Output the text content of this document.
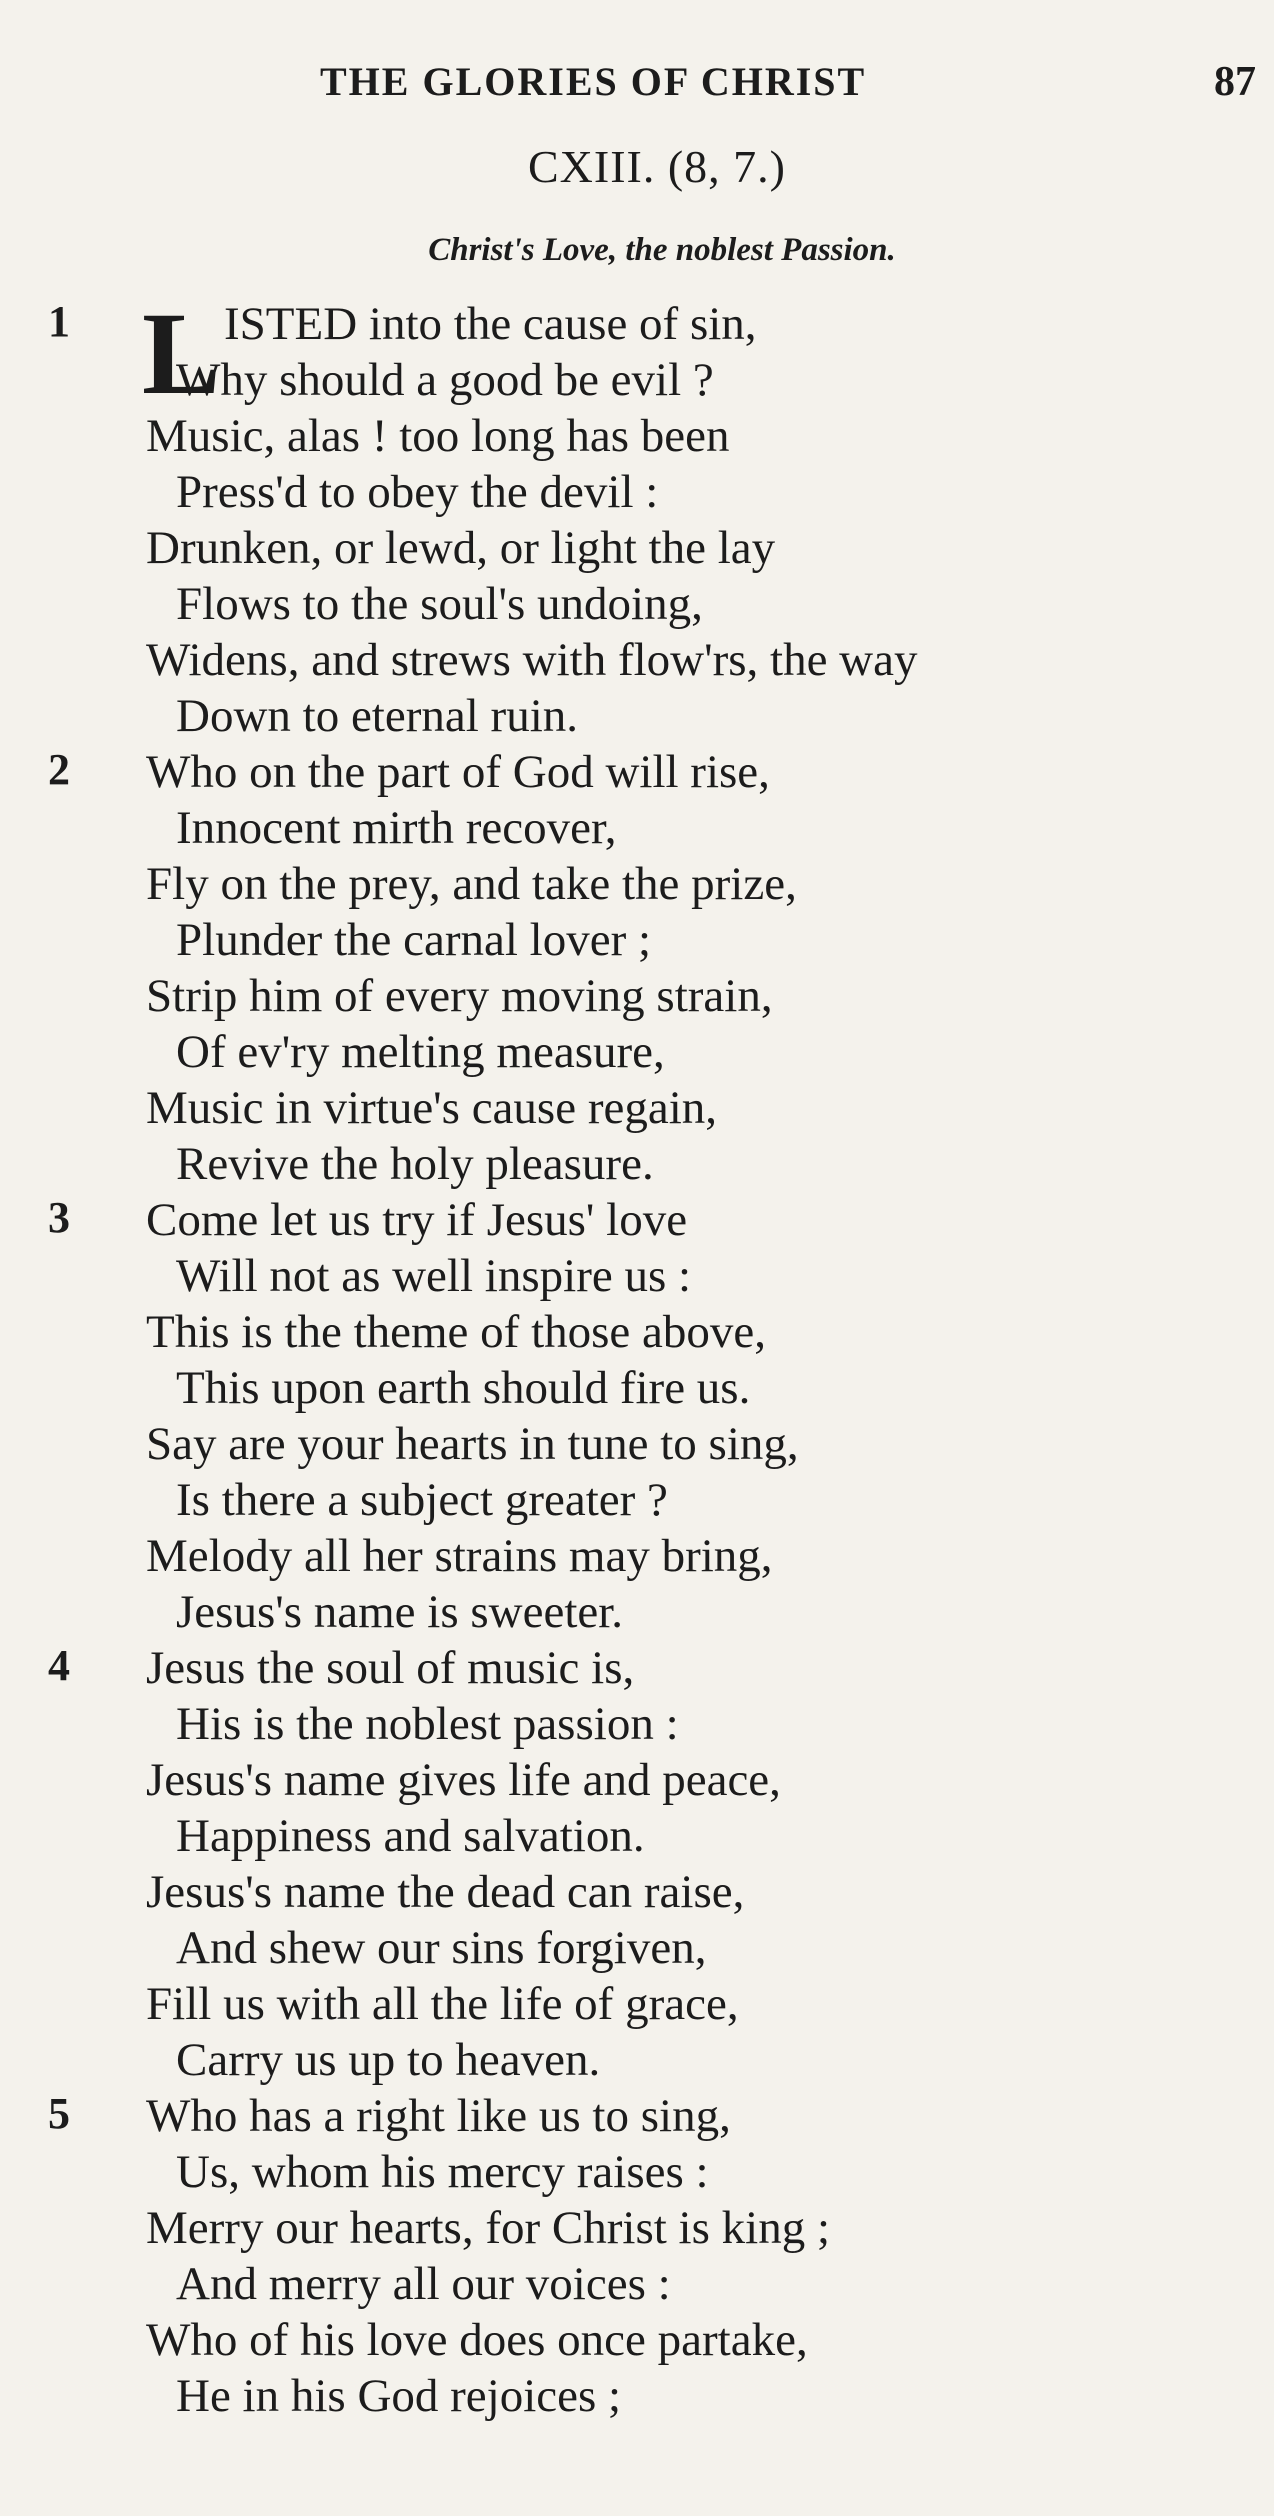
THE GLORIES OF CHRIST	87
CXIII. (8, 7.)
Christ's Love, the noblest Passion.
1 L ISTED into the cause of sin,
Why should a good be evil ?
Music, alas ! too long has been
Press'd to obey the devil :
Drunken, or lewd, or light the lay
Flows to the soul's undoing,
Widens, and strews with flow'rs, the way
Down to eternal ruin.
2	Who on the part of God will rise,
Innocent mirth recover,
Fly on the prey, and take the prize,
Plunder the carnal lover ;
Strip him of every moving strain,
Of ev'ry melting measure,
Music in virtue's cause regain,
Revive the holy pleasure.
3	Come let us try if Jesus' love
Will not as well inspire us :
This is the theme of those above,
This upon earth should fire us.
Say are your hearts in tune to sing,
Is there a subject greater ?
Melody all her strains may bring,
Jesus's name is sweeter.
4	Jesus the soul of music is,
His is the noblest passion :
Jesus's name gives life and peace,
Happiness and salvation.
Jesus's name the dead can raise,
And shew our sins forgiven,
Fill us with all the life of grace,
Carry us up to heaven.
5	Who has a right like us to sing,
Us, whom his mercy raises :
Merry our hearts, for Christ is king ;
And merry all our voices :
Who of his love does once partake,
He in his God rejoices ;
